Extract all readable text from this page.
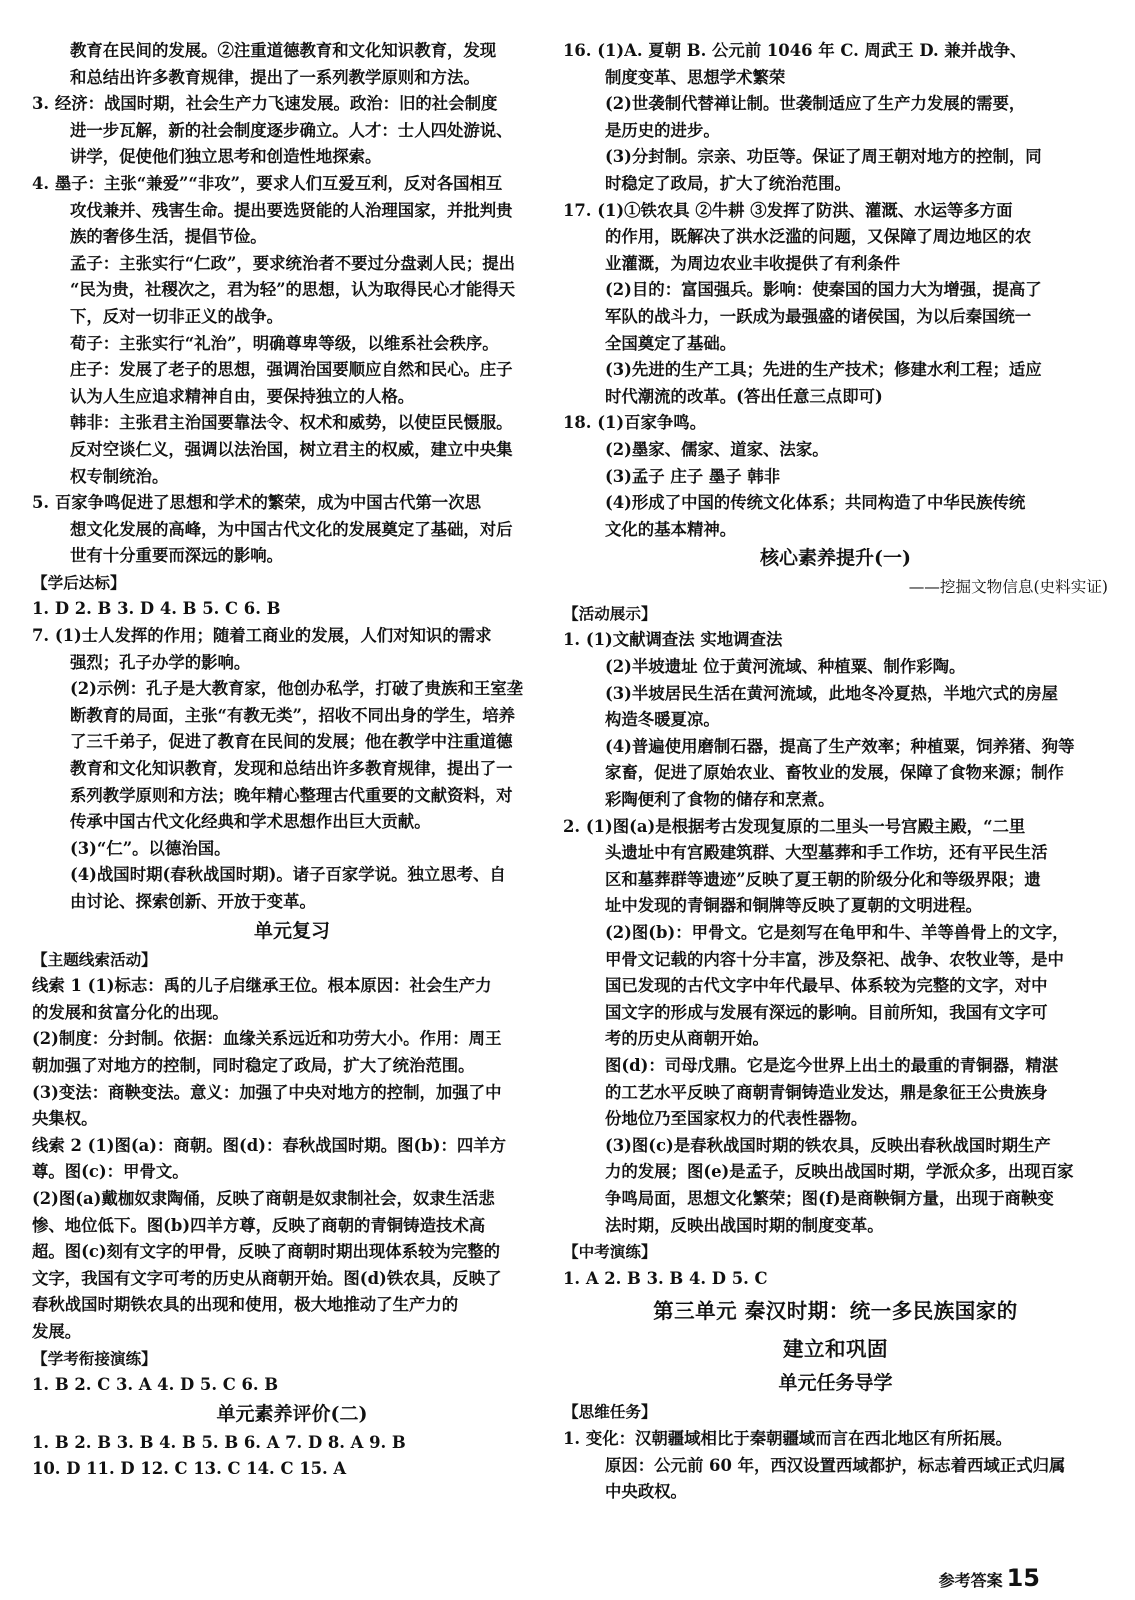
教育在民间的发展。②注重道德教育和文化知识教育，发现
和总结出许多教育规律，提出了一系列教学原则和方法。
3. 经济：战国时期，社会生产力飞速发展。政治：旧的社会制度
进一步瓦解，新的社会制度逐步确立。人才：士人四处游说、
讲学，促使他们独立思考和创造性地探索。
4. 墨子：主张“兼爱”“非攻”，要求人们互爱互利，反对各国相互
攻伐兼并、残害生命。提出要选贤能的人治理国家，并批判贵
族的奢侈生活，提倡节俭。
孟子：主张实行“仁政”，要求统治者不要过分盘剥人民；提出
“民为贵，社稷次之，君为轻”的思想，认为取得民心才能得天
下，反对一切非正义的战争。
荀子：主张实行“礼治”，明确尊卑等级，以维系社会秩序。
庄子：发展了老子的思想，强调治国要顺应自然和民心。庄子
认为人生应追求精神自由，要保持独立的人格。
韩非：主张君主治国要靠法令、权术和威势，以使臣民慑服。
反对空谈仁义，强调以法治国，树立君主的权威，建立中央集
权专制统治。
5. 百家争鸣促进了思想和学术的繁荣，成为中国古代第一次思
想文化发展的高峰，为中国古代文化的发展奠定了基础，对后
世有十分重要而深远的影响。
【学后达标】
1. D 2. B 3. D 4. B 5. C 6. B
7. (1)士人发挥的作用；随着工商业的发展，人们对知识的需求
强烈；孔子办学的影响。
(2)示例：孔子是大教育家，他创办私学，打破了贵族和王室垄
断教育的局面，主张“有教无类”，招收不同出身的学生，培养
了三千弟子，促进了教育在民间的发展；他在教学中注重道德
教育和文化知识教育，发现和总结出许多教育规律，提出了一
系列教学原则和方法；晚年精心整理古代重要的文献资料，对
传承中国古代文化经典和学术思想作出巨大贡献。
(3)“仁”。以德治国。
(4)战国时期(春秋战国时期)。诸子百家学说。独立思考、自
由讨论、探索创新、开放于变革。
单元复习
【主题线索活动】
线索 1 (1)标志：禹的儿子启继承王位。根本原因：社会生产力
的发展和贫富分化的出现。
(2)制度：分封制。依据：血缘关系远近和功劳大小。作用：周王
朝加强了对地方的控制，同时稳定了政局，扩大了统治范围。
(3)变法：商鞅变法。意义：加强了中央对地方的控制，加强了中
央集权。
线索 2 (1)图(a)：商朝。图(d)：春秋战国时期。图(b)：四羊方
尊。图(c)：甲骨文。
(2)图(a)戴枷奴隶陶俑，反映了商朝是奴隶制社会，奴隶生活悲
惨、地位低下。图(b)四羊方尊，反映了商朝的青铜铸造技术高
超。图(c)刻有文字的甲骨，反映了商朝时期出现体系较为完整的
文字，我国有文字可考的历史从商朝开始。图(d)铁农具，反映了
春秋战国时期铁农具的出现和使用，极大地推动了生产力的
发展。
【学考衔接演练】
1. B 2. C 3. A 4. D 5. C 6. B
单元素养评价(二)
1. B 2. B 3. B 4. B 5. B 6. A 7. D 8. A 9. B
10. D 11. D 12. C 13. C 14. C 15. A
16. (1)A. 夏朝 B. 公元前 1046 年 C. 周武王 D. 兼并战争、
制度变革、思想学术繁荣
(2)世袭制代替禅让制。世袭制适应了生产力发展的需要，
是历史的进步。
(3)分封制。宗亲、功臣等。保证了周王朝对地方的控制，同
时稳定了政局，扩大了统治范围。
17. (1)①铁农具 ②牛耕 ③发挥了防洪、灌溉、水运等多方面
的作用，既解决了洪水泛滥的问题，又保障了周边地区的农
业灌溉，为周边农业丰收提供了有利条件
(2)目的：富国强兵。影响：使秦国的国力大为增强，提高了
军队的战斗力，一跃成为最强盛的诸侯国，为以后秦国统一
全国奠定了基础。
(3)先进的生产工具；先进的生产技术；修建水利工程；适应
时代潮流的改革。(答出任意三点即可)
18. (1)百家争鸣。
(2)墨家、儒家、道家、法家。
(3)孟子 庄子 墨子 韩非
(4)形成了中国的传统文化体系；共同构造了中华民族传统
文化的基本精神。
核心素养提升(一)
——挖掘文物信息(史料实证)
【活动展示】
1. (1)文献调查法 实地调查法
(2)半坡遗址 位于黄河流域、种植粟、制作彩陶。
(3)半坡居民生活在黄河流域，此地冬冷夏热，半地穴式的房屋
构造冬暖夏凉。
(4)普遍使用磨制石器，提高了生产效率；种植粟，饲养猪、狗等
家畜，促进了原始农业、畜牧业的发展，保障了食物来源；制作
彩陶便利了食物的储存和烹煮。
2. (1)图(a)是根据考古发现复原的二里头一号宫殿主殿，“二里
头遗址中有宫殿建筑群、大型墓葬和手工作坊，还有平民生活
区和墓葬群等遗迹”反映了夏王朝的阶级分化和等级界限；遗
址中发现的青铜器和铜牌等反映了夏朝的文明进程。
(2)图(b)：甲骨文。它是刻写在龟甲和牛、羊等兽骨上的文字，
甲骨文记载的内容十分丰富，涉及祭祀、战争、农牧业等，是中
国已发现的古代文字中年代最早、体系较为完整的文字，对中
国文字的形成与发展有深远的影响。目前所知，我国有文字可
考的历史从商朝开始。
图(d)：司母戊鼎。它是迄今世界上出土的最重的青铜器，精湛
的工艺水平反映了商朝青铜铸造业发达，鼎是象征王公贵族身
份地位乃至国家权力的代表性器物。
(3)图(c)是春秋战国时期的铁农具，反映出春秋战国时期生产
力的发展；图(e)是孟子，反映出战国时期，学派众多，出现百家
争鸣局面，思想文化繁荣；图(f)是商鞅铜方量，出现于商鞅变
法时期，反映出战国时期的制度变革。
【中考演练】
1. A 2. B 3. B 4. D 5. C
第三单元 秦汉时期：统一多民族国家的
建立和巩固
单元任务导学
【思维任务】
1. 变化：汉朝疆域相比于秦朝疆域而言在西北地区有所拓展。
原因：公元前 60 年，西汉设置西域都护，标志着西域正式归属
中央政权。
参考答案 15
